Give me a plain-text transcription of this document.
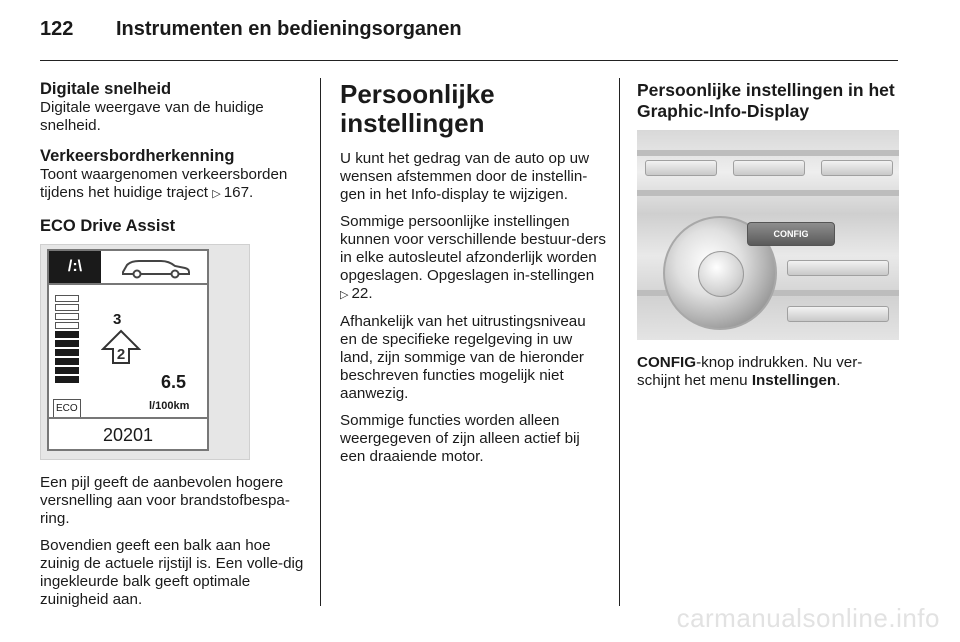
122 Instrumenten en bedieningsorganen
Digitale snelheid

Digitale weergave van de huidige snelheid.

Verkeersbordherkenning

Toont waargenomen verkeersborden tijdens het huidige traject ▷ 167.

ECO Drive Assist
/:\
ECO
3
2
6.5
l/100km
20201

Een pijl geeft de aanbevolen hogere versnelling aan voor brandstofbespa-ring.

Bovendien geeft een balk aan hoe zuinig de actuele rijstijl is. Een volle-dig ingekleurde balk geeft optimale zuinigheid aan.

Persoonlijke instellingen

U kunt het gedrag van de auto op uw wensen afstemmen door de instellin-gen in het Info-display te wijzigen.

Sommige persoonlijke instellingen kunnen voor verschillende bestuur-ders in elke autosleutel afzonderlijk worden opgeslagen. Opgeslagen in-stellingen ▷ 22.

Afhankelijk van het uitrustingsniveau en de specifieke regelgeving in uw land, zijn sommige van de hieronder beschreven functies mogelijk niet aanwezig.

Sommige functies worden alleen weergegeven of zijn alleen actief bij een draaiende motor.

Persoonlijke instellingen in het Graphic-Info-Display
CONFIG

CONFIG-knop indrukken. Nu ver-schijnt het menu Instellingen.

carmanualsonline.info
